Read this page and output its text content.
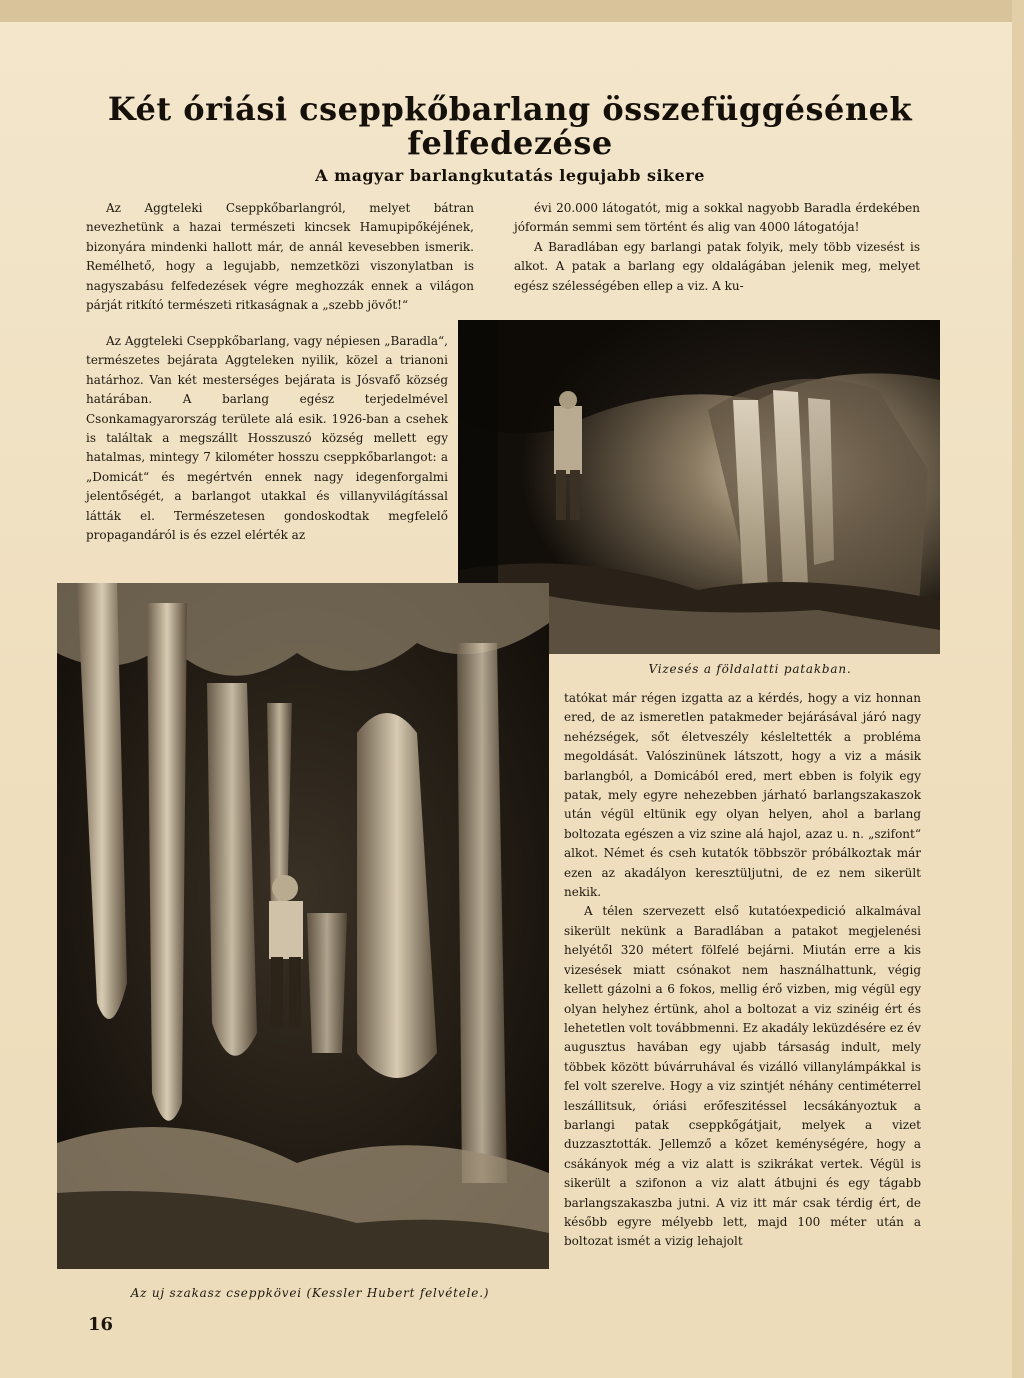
Két óriási cseppkőbarlang összefüggésének felfedezése
A magyar barlangkutatás legujabb sikere

Az Aggteleki Cseppkőbarlangról, melyet bátran nevezhetünk a hazai természeti kincsek Hamupipőkéjének, bizonyára mindenki hallott már, de annál kevesebben ismerik. Remélhető, hogy a legujabb, nemzetközi viszonylatban is nagyszabásu felfedezések végre meghozzák ennek a világon párját ritkító természeti ritkaságnak a „szebb jövőt!“

Az Aggteleki Cseppkőbarlang, vagy népiesen „Baradla“, természetes bejárata Aggteleken nyilik, közel a trianoni határhoz. Van két mesterséges bejárata is Jósvafő község határában. A barlang egész terjedelmével Csonkamagyarország területe alá esik. 1926-ban a csehek is találtak a megszállt Hosszuszó község mellett egy hatalmas, mintegy 7 kilométer hosszu cseppkőbarlangot: a „Domicát“ és megértvén ennek nagy idegenforgalmi jelentőségét, a barlangot utakkal és villanyvilágítással látták el. Természetesen gondoskodtak megfelelő propagandáról is és ezzel elérték az

évi 20.000 látogatót, mig a sokkal nagyobb Baradla érdekében jóformán semmi sem történt és alig van 4000 látogatója!

A Baradlában egy barlangi patak folyik, mely több vizesést is alkot. A patak a barlang egy oldalágában jelenik meg, melyet egész szélességében ellep a viz. A ku-

Vizesés a földalatti patakban.

Az uj szakasz cseppkövei (Kessler Hubert felvétele.)

tatókat már régen izgatta az a kérdés, hogy a viz honnan ered, de az ismeretlen patakmeder bejárásával járó nagy nehézségek, sőt életveszély késleltették a probléma megoldását. Valószinünek látszott, hogy a viz a másik barlangból, a Domicából ered, mert ebben is folyik egy patak, mely egyre nehezebben járható barlangszakaszok után végül eltünik egy olyan helyen, ahol a barlang boltozata egészen a viz szine alá hajol, azaz u. n. „szifont“ alkot. Német és cseh kutatók többször próbálkoztak már ezen az akadályon keresztüljutni, de ez nem sikerült nekik.

A télen szervezett első kutatóexpedició alkalmával sikerült nekünk a Baradlában a patakot megjelenési helyétől 320 métert fölfelé bejárni. Miután erre a kis vizesések miatt csónakot nem használhattunk, végig kellett gázolni a 6 fokos, mellig érő vizben, mig végül egy olyan helyhez értünk, ahol a boltozat a viz szinéig ért és lehetetlen volt továbbmenni. Ez akadály leküzdésére ez év augusztus havában egy ujabb társaság indult, mely többek között búvárruhával és vizálló villanylámpákkal is fel volt szerelve. Hogy a viz szintjét néhány centiméterrel leszállitsuk, óriási erőfeszitéssel lecsákányoztuk a barlangi patak cseppkőgátjait, melyek a vizet duzzasztották. Jellemző a kőzet keménységére, hogy a csákányok még a viz alatt is szikrákat vertek. Végül is sikerült a szifonon a viz alatt átbujni és egy tágabb barlangszakaszba jutni. A viz itt már csak térdig ért, de később egyre mélyebb lett, majd 100 méter után a boltozat ismét a vizig lehajolt

16
